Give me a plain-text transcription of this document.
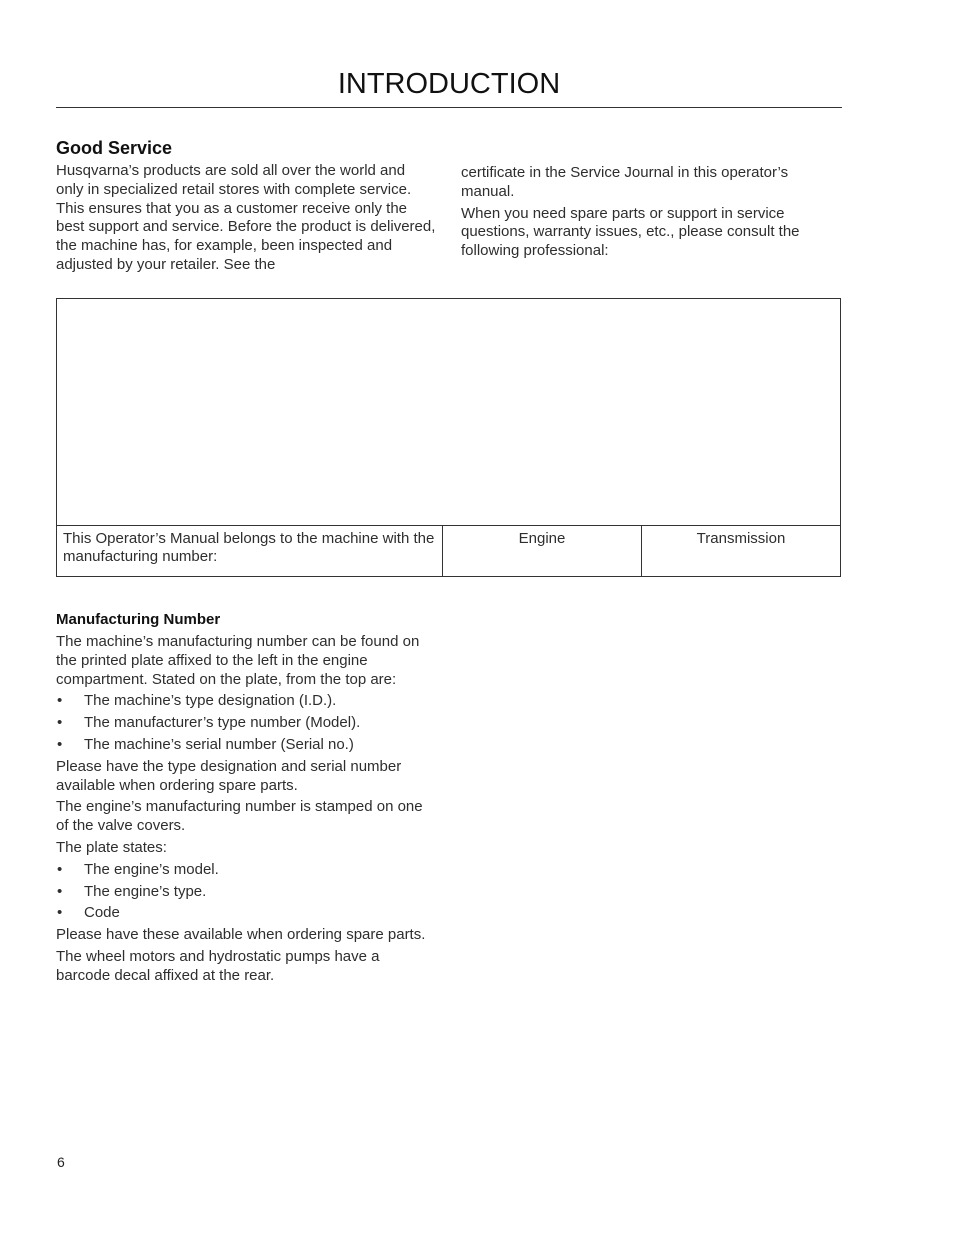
INTRODUCTION
Good Service

Husqvarna’s products are sold all over the world and only in specialized retail stores with complete service. This ensures that you as a customer receive only the best support and service. Before the product is delivered, the machine has, for example, been inspected and adjusted by your retailer. See the

certificate in the Service Journal in this operator’s manual.

When you need spare parts or support in service questions, warranty issues, etc., please consult the following professional:

This Operator’s Manual belongs to the machine with the manufacturing number:
Engine	Transmission
Manufacturing Number

The machine’s manufacturing number can be found on the printed plate affixed to the left in the engine compartment. Stated on the plate, from the top are:

• The machine’s type designation (I.D.).
• The manufacturer’s type number (Model).
• The machine’s serial number (Serial no.)

Please have the type designation and serial number available when ordering spare parts.

The engine’s manufacturing number is stamped on one of the valve covers.

The plate states:

• The engine’s model.
• The engine’s type.
• Code

Please have these available when ordering spare parts.

The wheel motors and hydrostatic pumps have a barcode decal affixed at the rear.

6
